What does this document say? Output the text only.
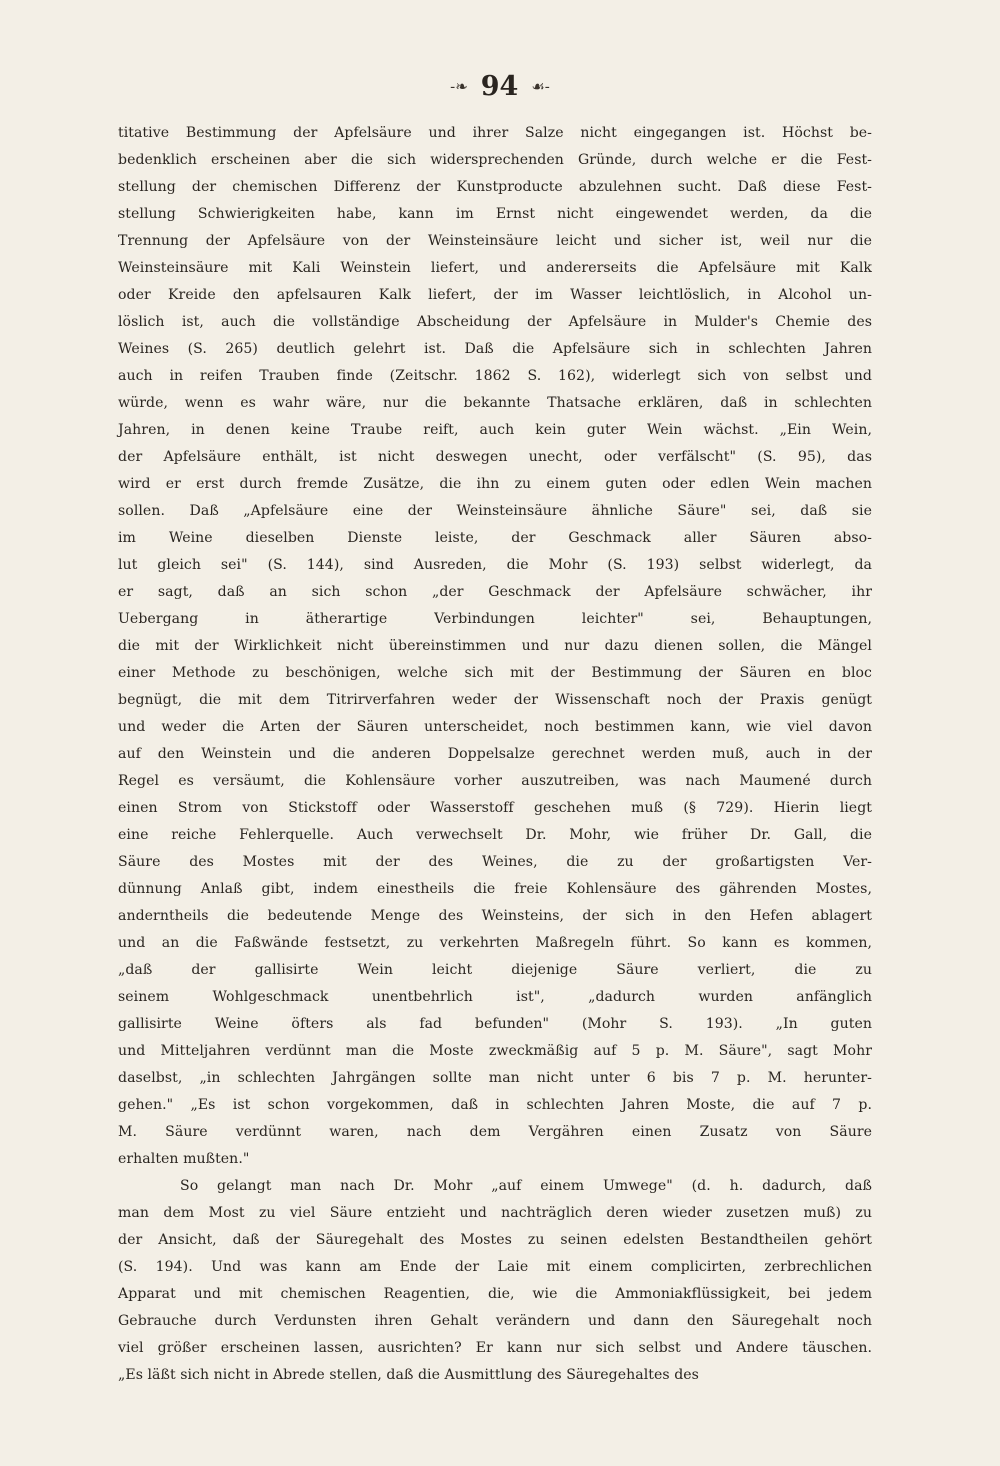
-❧ 94 ☙-
titative Bestimmung der Apfelsäure und ihrer Salze nicht eingegangen ist. Höchst be-
bedenklich erscheinen aber die sich widersprechenden Gründe, durch welche er die Fest-
stellung der chemischen Differenz der Kunstproducte abzulehnen sucht. Daß diese Fest-
stellung Schwierigkeiten habe, kann im Ernst nicht eingewendet werden, da die
Trennung der Apfelsäure von der Weinsteinsäure leicht und sicher ist, weil nur die
Weinsteinsäure mit Kali Weinstein liefert, und andererseits die Apfelsäure mit Kalk
oder Kreide den apfelsauren Kalk liefert, der im Wasser leichtlöslich, in Alcohol un-
löslich ist, auch die vollständige Abscheidung der Apfelsäure in Mulder's Chemie des
Weines (S. 265) deutlich gelehrt ist. Daß die Apfelsäure sich in schlechten Jahren
auch in reifen Trauben finde (Zeitschr. 1862 S. 162), widerlegt sich von selbst und
würde, wenn es wahr wäre, nur die bekannte Thatsache erklären, daß in schlechten
Jahren, in denen keine Traube reift, auch kein guter Wein wächst. „Ein Wein,
der Apfelsäure enthält, ist nicht deswegen unecht, oder verfälscht" (S. 95), das
wird er erst durch fremde Zusätze, die ihn zu einem guten oder edlen Wein machen
sollen. Daß „Apfelsäure eine der Weinsteinsäure ähnliche Säure" sei, daß sie
im Weine dieselben Dienste leiste, der Geschmack aller Säuren abso-
lut gleich sei" (S. 144), sind Ausreden, die Mohr (S. 193) selbst widerlegt, da
er sagt, daß an sich schon „der Geschmack der Apfelsäure schwächer, ihr
Uebergang in ätherartige Verbindungen leichter" sei, Behauptungen,
die mit der Wirklichkeit nicht übereinstimmen und nur dazu dienen sollen, die Mängel
einer Methode zu beschönigen, welche sich mit der Bestimmung der Säuren en bloc
begnügt, die mit dem Titrirverfahren weder der Wissenschaft noch der Praxis genügt
und weder die Arten der Säuren unterscheidet, noch bestimmen kann, wie viel davon
auf den Weinstein und die anderen Doppelsalze gerechnet werden muß, auch in der
Regel es versäumt, die Kohlensäure vorher auszutreiben, was nach Maumené durch
einen Strom von Stickstoff oder Wasserstoff geschehen muß (§ 729). Hierin liegt
eine reiche Fehlerquelle. Auch verwechselt Dr. Mohr, wie früher Dr. Gall, die
Säure des Mostes mit der des Weines, die zu der großartigsten Ver-
dünnung Anlaß gibt, indem einestheils die freie Kohlensäure des gährenden Mostes,
anderntheils die bedeutende Menge des Weinsteins, der sich in den Hefen ablagert
und an die Faßwände festsetzt, zu verkehrten Maßregeln führt. So kann es kommen,
„daß der gallisirte Wein leicht diejenige Säure verliert, die zu
seinem Wohlgeschmack unentbehrlich ist", „dadurch wurden anfänglich
gallisirte Weine öfters als fad befunden" (Mohr S. 193). „In guten
und Mitteljahren verdünnt man die Moste zweckmäßig auf 5 p. M. Säure", sagt Mohr
daselbst, „in schlechten Jahrgängen sollte man nicht unter 6 bis 7 p. M. herunter-
gehen." „Es ist schon vorgekommen, daß in schlechten Jahren Moste, die auf 7 p.
M. Säure verdünnt waren, nach dem Vergähren einen Zusatz von Säure
erhalten mußten."
So gelangt man nach Dr. Mohr „auf einem Umwege" (d. h. dadurch, daß
man dem Most zu viel Säure entzieht und nachträglich deren wieder zusetzen muß) zu
der Ansicht, daß der Säuregehalt des Mostes zu seinen edelsten Bestandtheilen gehört
(S. 194). Und was kann am Ende der Laie mit einem complicirten, zerbrechlichen
Apparat und mit chemischen Reagentien, die, wie die Ammoniakflüssigkeit, bei jedem
Gebrauche durch Verdunsten ihren Gehalt verändern und dann den Säuregehalt noch
viel größer erscheinen lassen, ausrichten? Er kann nur sich selbst und Andere täuschen.
„Es läßt sich nicht in Abrede stellen, daß die Ausmittlung des Säuregehaltes des
